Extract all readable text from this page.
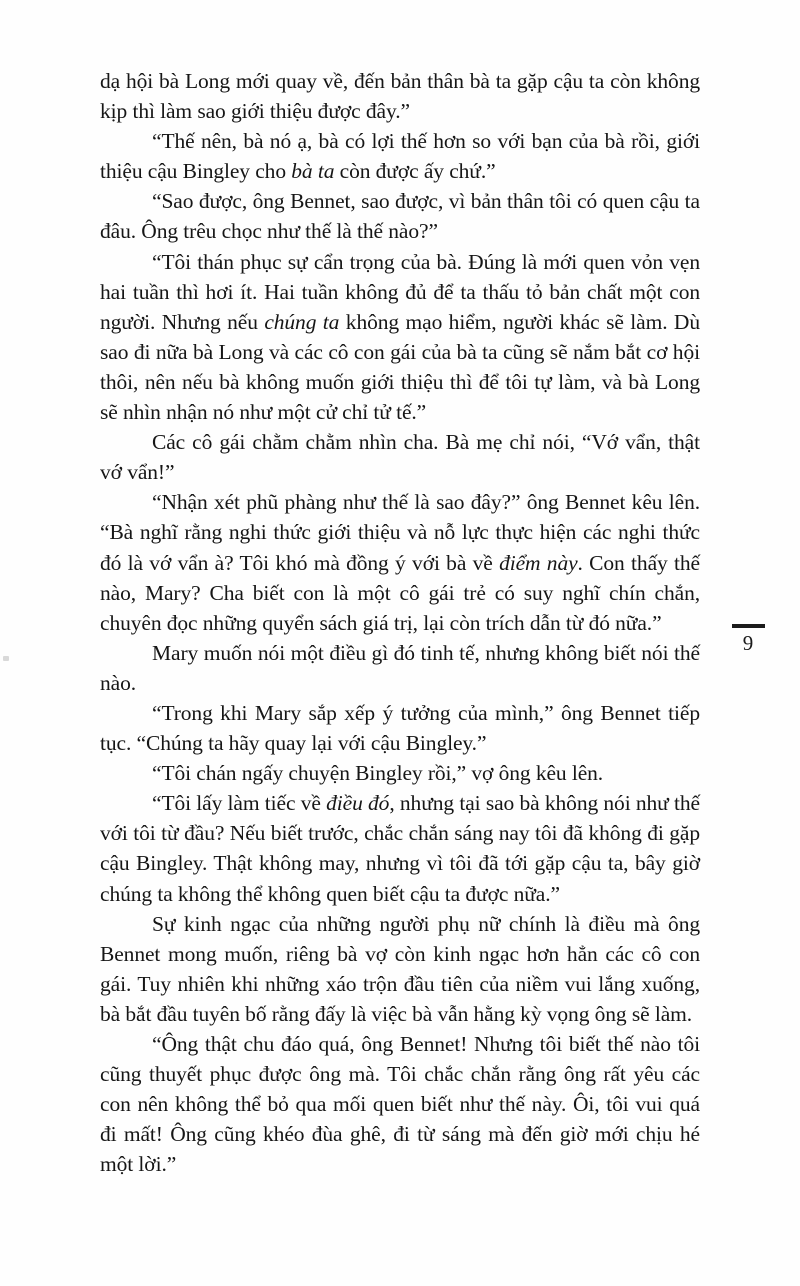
dạ hội bà Long mới quay về, đến bản thân bà ta gặp cậu ta còn không kịp thì làm sao giới thiệu được đây.”

“Thế nên, bà nó ạ, bà có lợi thế hơn so với bạn của bà rồi, giới thiệu cậu Bingley cho bà ta còn được ấy chứ.”

“Sao được, ông Bennet, sao được, vì bản thân tôi có quen cậu ta đâu. Ông trêu chọc như thế là thế nào?”

“Tôi thán phục sự cẩn trọng của bà. Đúng là mới quen vỏn vẹn hai tuần thì hơi ít. Hai tuần không đủ để ta thấu tỏ bản chất một con người. Nhưng nếu chúng ta không mạo hiểm, người khác sẽ làm. Dù sao đi nữa bà Long và các cô con gái của bà ta cũng sẽ nắm bắt cơ hội thôi, nên nếu bà không muốn giới thiệu thì để tôi tự làm, và bà Long sẽ nhìn nhận nó như một cử chỉ tử tế.”

Các cô gái chằm chằm nhìn cha. Bà mẹ chỉ nói, “Vớ vẩn, thật vớ vẩn!”

“Nhận xét phũ phàng như thế là sao đây?” ông Bennet kêu lên. “Bà nghĩ rằng nghi thức giới thiệu và nỗ lực thực hiện các nghi thức đó là vớ vẩn à? Tôi khó mà đồng ý với bà về điểm này. Con thấy thế nào, Mary? Cha biết con là một cô gái trẻ có suy nghĩ chín chắn, chuyên đọc những quyển sách giá trị, lại còn trích dẫn từ đó nữa.”

Mary muốn nói một điều gì đó tinh tế, nhưng không biết nói thế nào.

“Trong khi Mary sắp xếp ý tưởng của mình,” ông Bennet tiếp tục. “Chúng ta hãy quay lại với cậu Bingley.”

“Tôi chán ngấy chuyện Bingley rồi,” vợ ông kêu lên.

“Tôi lấy làm tiếc về điều đó, nhưng tại sao bà không nói như thế với tôi từ đầu? Nếu biết trước, chắc chắn sáng nay tôi đã không đi gặp cậu Bingley. Thật không may, nhưng vì tôi đã tới gặp cậu ta, bây giờ chúng ta không thể không quen biết cậu ta được nữa.”

Sự kinh ngạc của những người phụ nữ chính là điều mà ông Bennet mong muốn, riêng bà vợ còn kinh ngạc hơn hẳn các cô con gái. Tuy nhiên khi những xáo trộn đầu tiên của niềm vui lắng xuống, bà bắt đầu tuyên bố rằng đấy là việc bà vẫn hằng kỳ vọng ông sẽ làm.

“Ông thật chu đáo quá, ông Bennet! Nhưng tôi biết thế nào tôi cũng thuyết phục được ông mà. Tôi chắc chắn rằng ông rất yêu các con nên không thể bỏ qua mối quen biết như thế này. Ôi, tôi vui quá đi mất! Ông cũng khéo đùa ghê, đi từ sáng mà đến giờ mới chịu hé một lời.”

9
